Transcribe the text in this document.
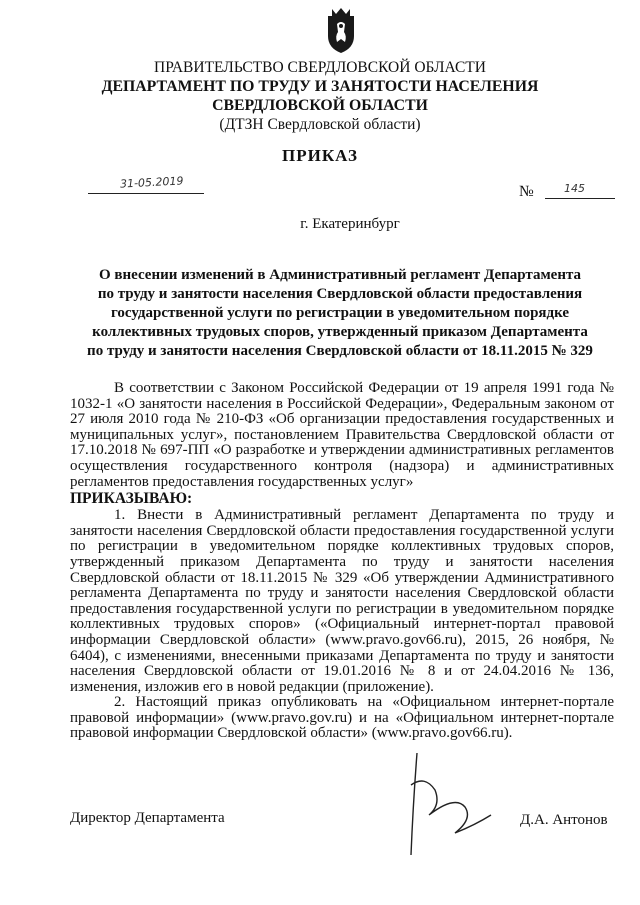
ПРАВИТЕЛЬСТВО СВЕРДЛОВСКОЙ ОБЛАСТИ
ДЕПАРТАМЕНТ ПО ТРУДУ И ЗАНЯТОСТИ НАСЕЛЕНИЯ
СВЕРДЛОВСКОЙ ОБЛАСТИ
(ДТЗН Свердловской области)
ПРИКАЗ
31-05.2019
№	145
г. Екатеринбург
О внесении изменений в Административный регламент Департамента
по труду и занятости населения Свердловской области предоставления
государственной услуги по регистрации в уведомительном порядке
коллективных трудовых споров, утвержденный приказом Департамента
по труду и занятости населения Свердловской области от 18.11.2015 № 329

В соответствии с Законом Российской Федерации от 19 апреля 1991 года № 1032-1 «О занятости населения в Российской Федерации», Федеральным законом от 27 июля 2010 года № 210-ФЗ «Об организации предоставления государственных и муниципальных услуг», постановлением Правительства Свердловской области от 17.10.2018 № 697-ПП «О разработке и утверждении административных регламентов осуществления государственного контроля (надзора) и административных регламентов предоставления государственных услуг»

ПРИКАЗЫВАЮ:

1. Внести в Административный регламент Департамента по труду и занятости населения Свердловской области предоставления государственной услуги по регистрации в уведомительном порядке коллективных трудовых споров, утвержденный приказом Департамента по труду и занятости населения Свердловской области от 18.11.2015 № 329 «Об утверждении Административного регламента Департамента по труду и занятости населения Свердловской области предоставления государственной услуги по регистрации в уведомительном порядке коллективных трудовых споров» («Официальный интернет-портал правовой информации Свердловской области» (www.pravo.gov66.ru), 2015, 26 ноября, № 6404), с изменениями, внесенными приказами Департамента по труду и занятости населения Свердловской области от 19.01.2016 № 8 и от 24.04.2016 № 136, изменения, изложив его в новой редакции (приложение).

2. Настоящий приказ опубликовать на «Официальном интернет-портале правовой информации» (www.pravo.gov.ru) и на «Официальном интернет-портале правовой информации Свердловской области» (www.pravo.gov66.ru).

Директор Департамента	Д.А. Антонов
